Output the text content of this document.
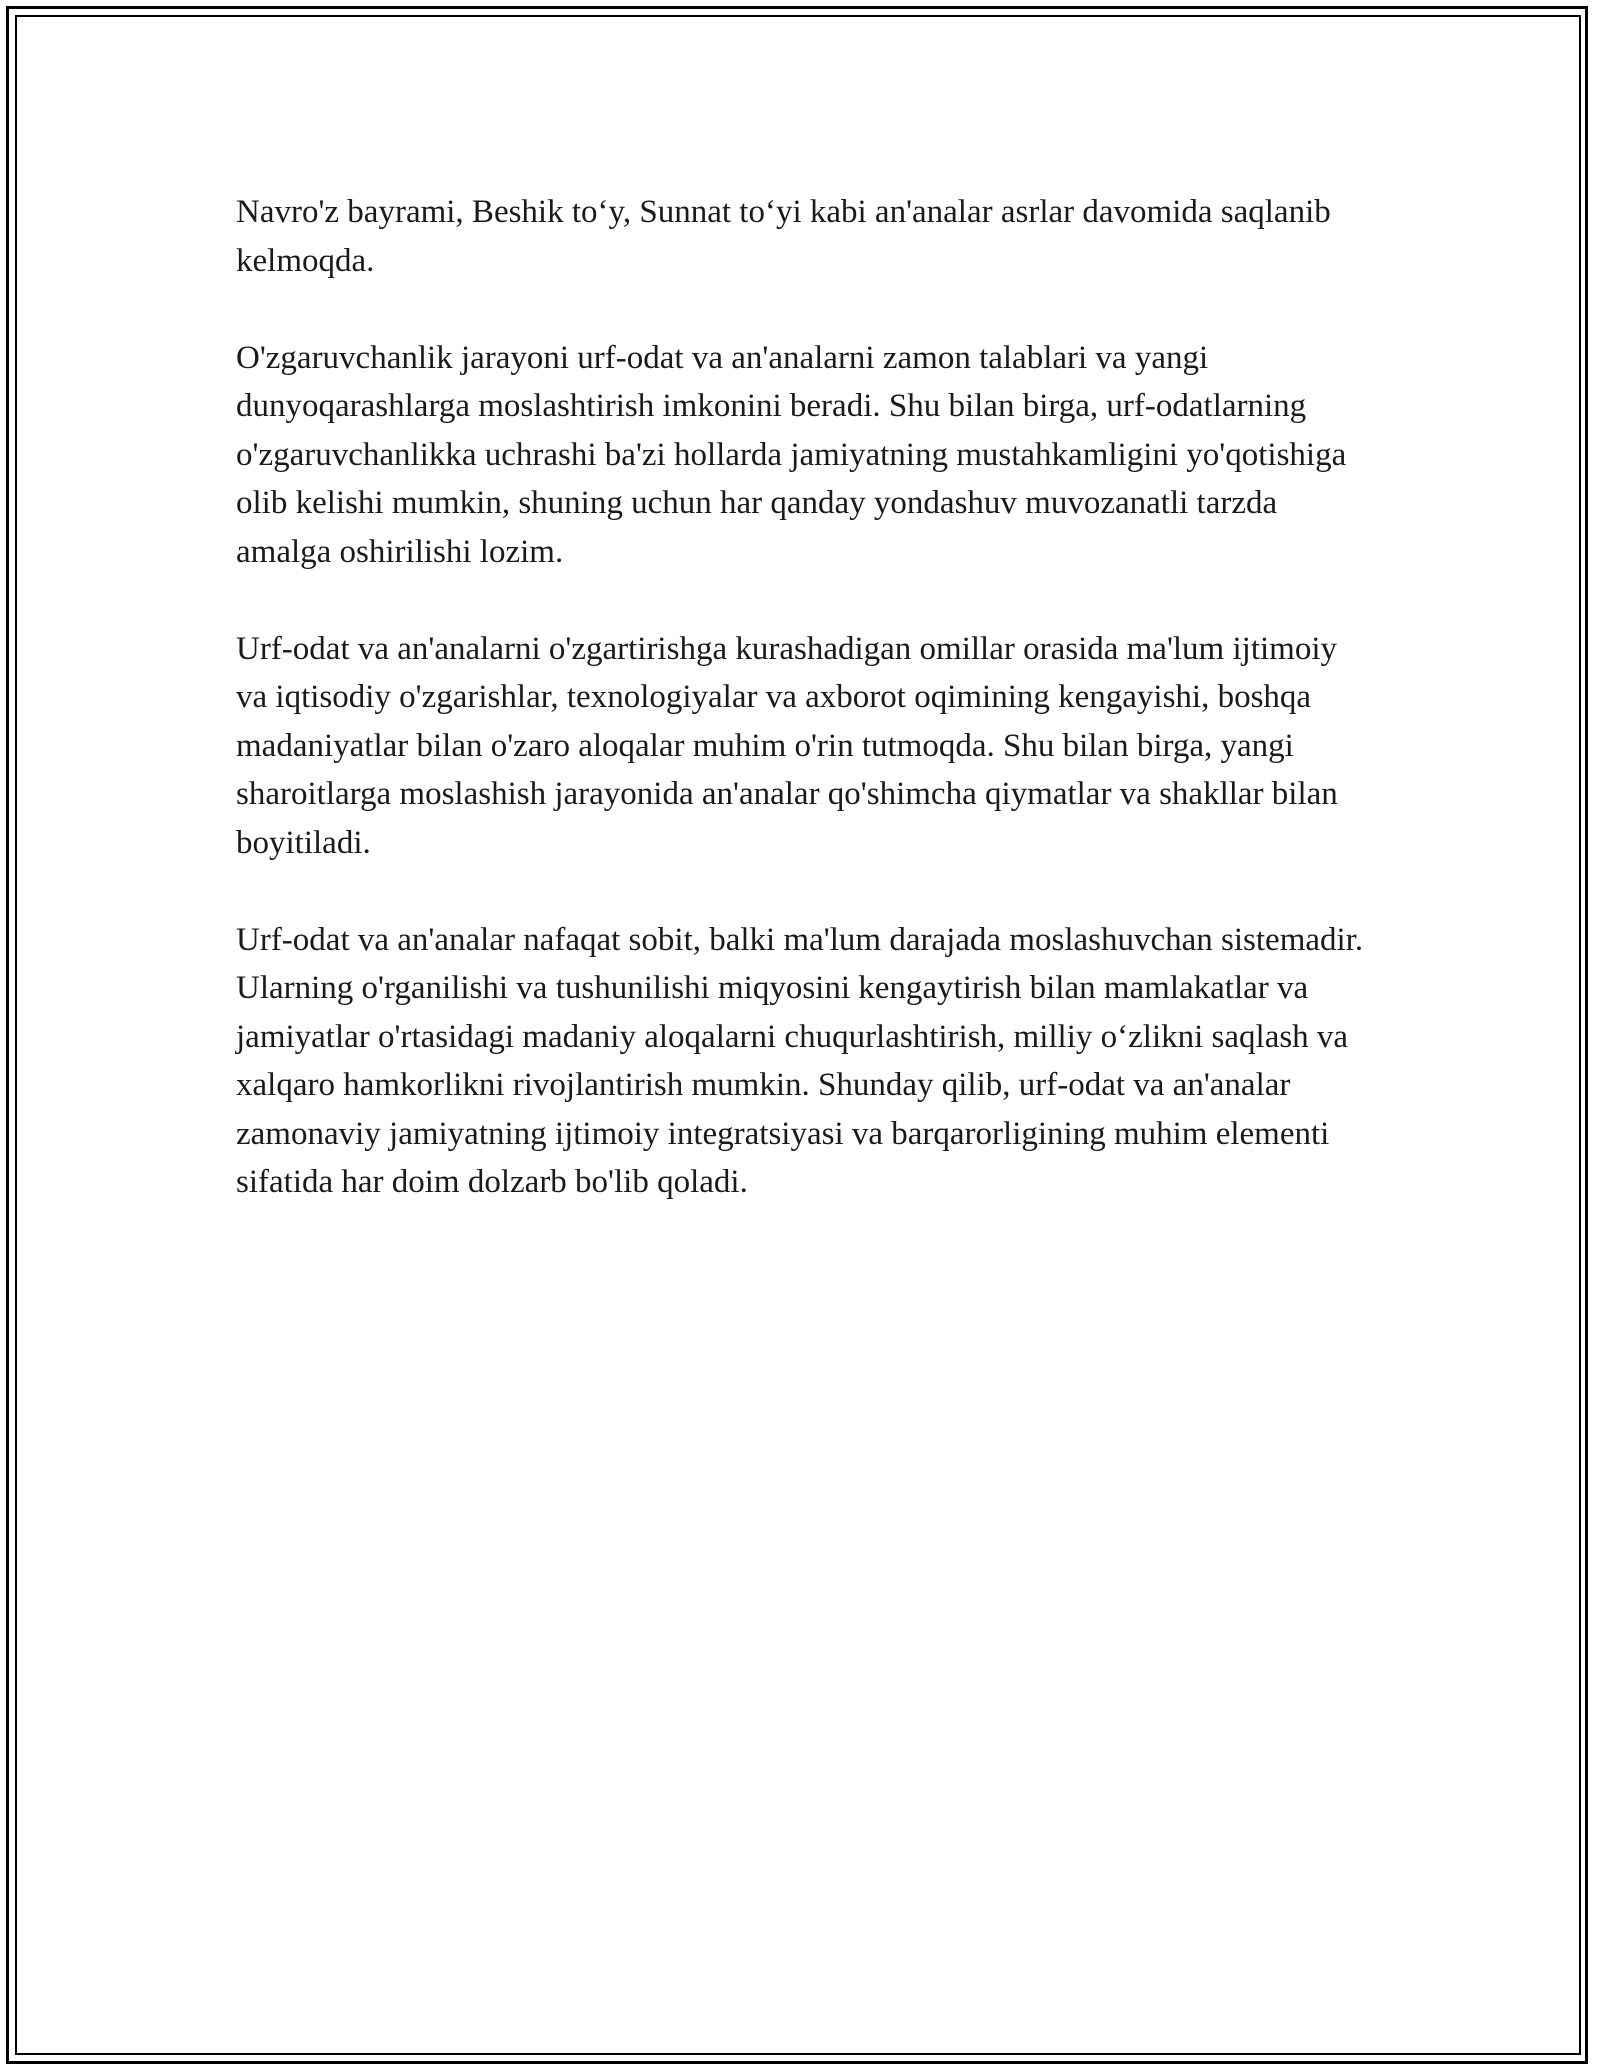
Navro'z bayrami, Beshik to‘y, Sunnat to‘yi kabi an'analar asrlar davomida saqlanib kelmoqda.

O'zgaruvchanlik jarayoni urf-odat va an'analarni zamon talablari va yangi dunyoqarashlarga moslashtirish imkonini beradi. Shu bilan birga, urf-odatlarning o'zgaruvchanlikka uchrashi ba'zi hollarda jamiyatning mustahkamligini yo'qotishiga olib kelishi mumkin, shuning uchun har qanday yondashuv muvozanatli tarzda amalga oshirilishi lozim.

Urf-odat va an'analarni o'zgartirishga kurashadigan omillar orasida ma'lum ijtimoiy va iqtisodiy o'zgarishlar, texnologiyalar va axborot oqimining kengayishi, boshqa madaniyatlar bilan o'zaro aloqalar muhim o'rin tutmoqda. Shu bilan birga, yangi sharoitlarga moslashish jarayonida an'analar qo'shimcha qiymatlar va shakllar bilan boyitiladi.

Urf-odat va an'analar nafaqat sobit, balki ma'lum darajada moslashuvchan sistemadir. Ularning o'rganilishi va tushunilishi miqyosini kengaytirish bilan mamlakatlar va jamiyatlar o'rtasidagi madaniy aloqalarni chuqurlashtirish, milliy o‘zlikni saqlash va xalqaro hamkorlikni rivojlantirish mumkin. Shunday qilib, urf-odat va an'analar zamonaviy jamiyatning ijtimoiy integratsiyasi va barqarorligining muhim elementi sifatida har doim dolzarb bo'lib qoladi.
